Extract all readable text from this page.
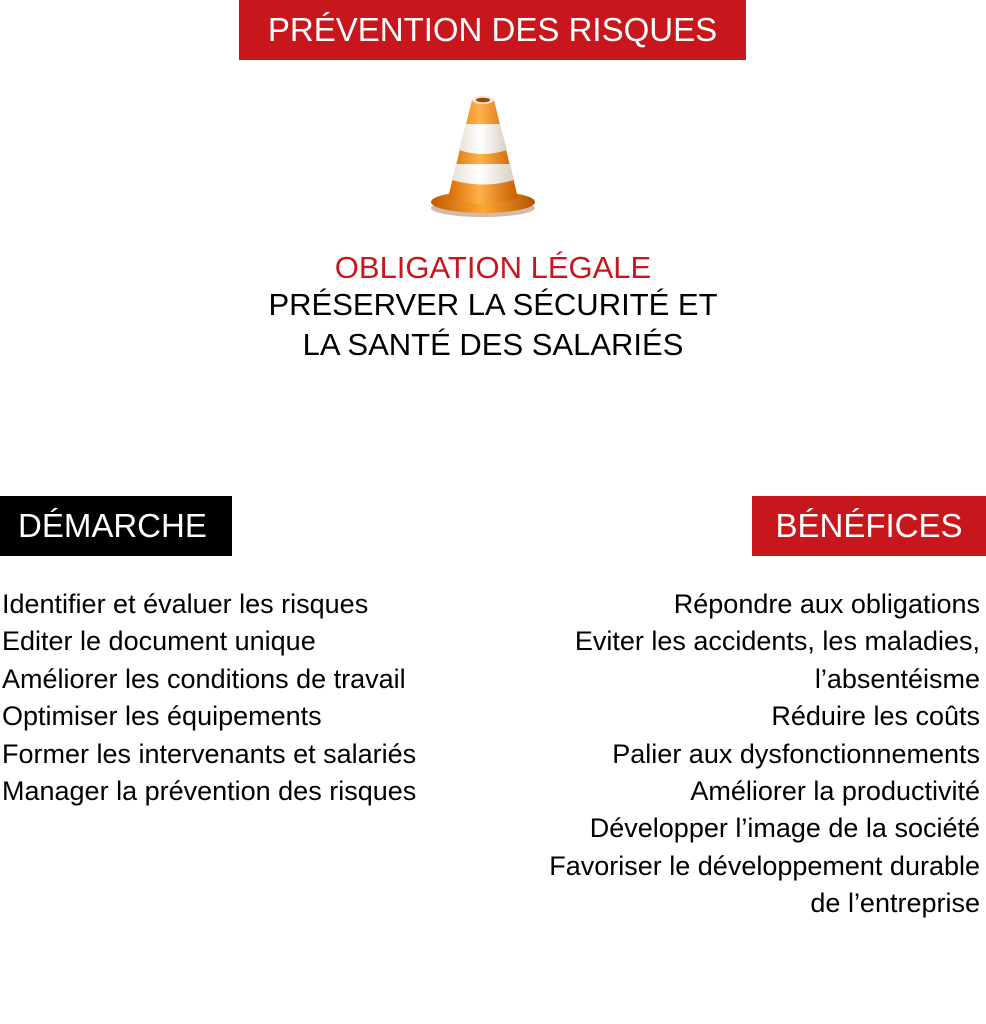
PRÉVENTION DES RISQUES
OBLIGATION LÉGALE
PRÉSERVER LA SÉCURITÉ ET
LA SANTÉ DES SALARIÉS
DÉMARCHE	BÉNÉFICES
Identifier et évaluer les risques
Editer le document unique
Améliorer les conditions de travail
Optimiser les équipements
Former les intervenants et salariés
Manager la prévention des risques
Répondre aux obligations
Eviter les accidents, les maladies,
l’absentéisme
Réduire les coûts
Palier aux dysfonctionnements
Améliorer la productivité
Développer l’image de la société
Favoriser le développement durable
de l’entreprise
